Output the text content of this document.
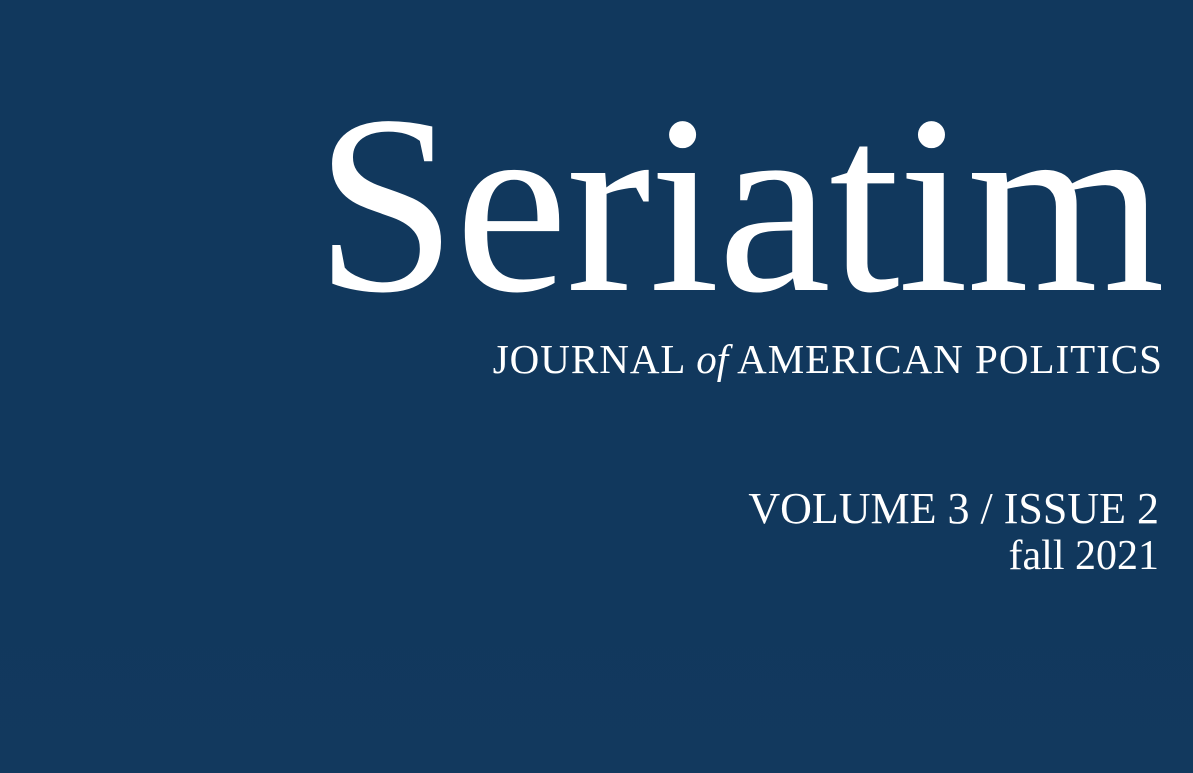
Seriatim
JOURNAL of AMERICAN POLITICS
VOLUME 3 / ISSUE 2
fall 2021
